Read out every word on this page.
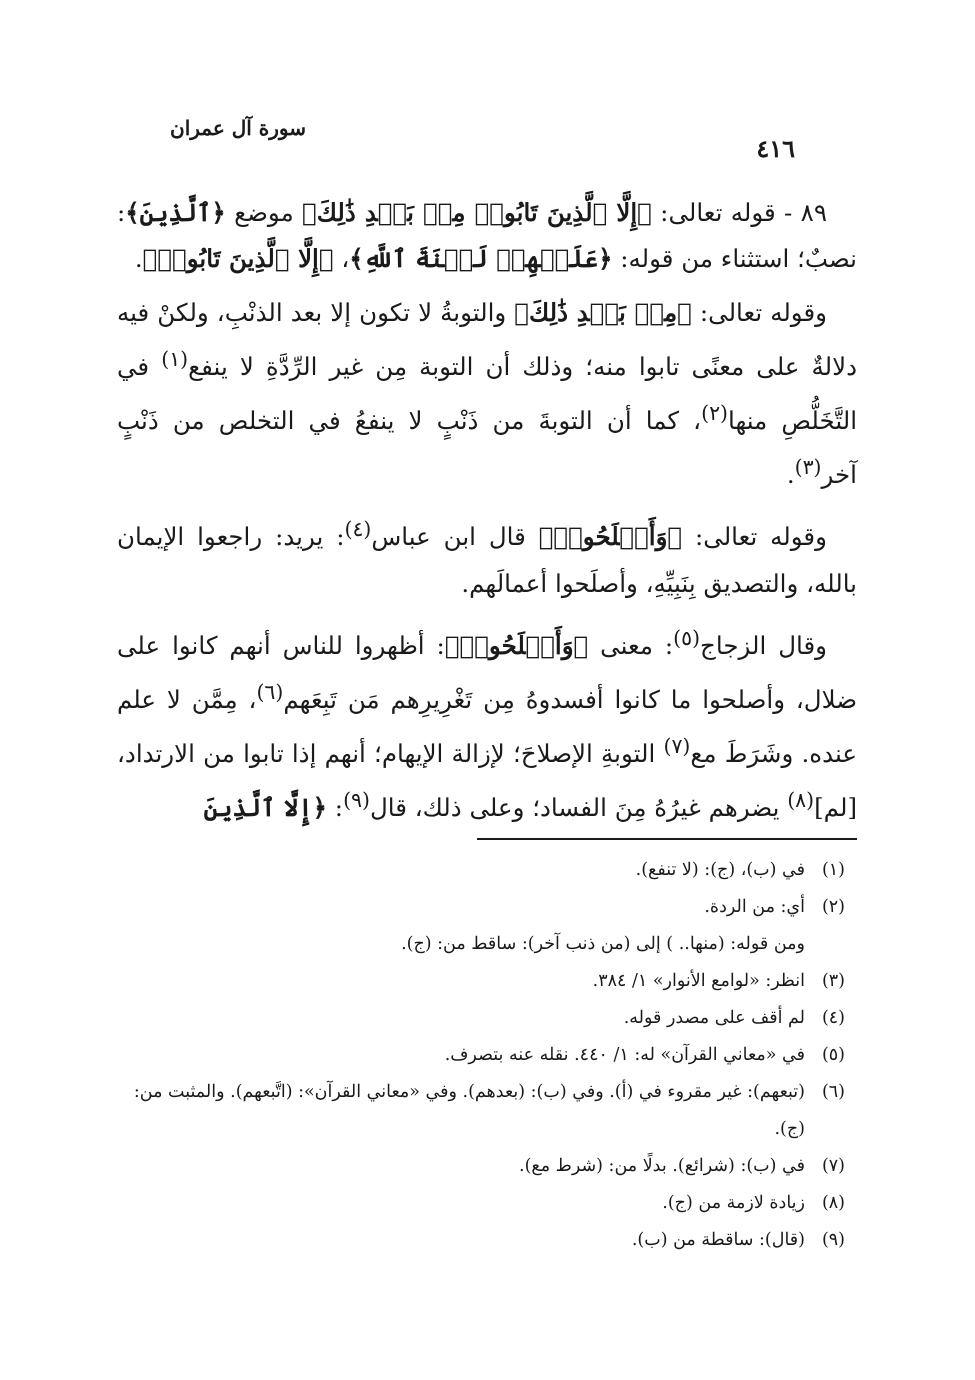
٤١٦
سورة آل عمران

٨٩ - قوله تعالى: ﴿إِلَّا ٱلَّذِينَ تَابُوا۟ مِنۢ بَعۡدِ ذَٰلِكَ﴾ موضع ﴿ٱلَّذِينَ﴾: نصبٌ؛ استثناء من قوله: ﴿عَلَيۡهِمۡ لَعۡنَةَ ٱللَّهِ﴾، ﴿إِلَّا ٱلَّذِينَ تَابُوا۟﴾.

وقوله تعالى: ﴿مِنۢ بَعۡدِ ذَٰلِكَ﴾ والتوبةُ لا تكون إلا بعد الذنْبِ، ولكنْ فيه دلالةٌ على معنًى تابوا منه؛ وذلك أن التوبة مِن غير الرِّدَّةِ لا ينفع$^{(١)}$ في التَّخَلُّصِ منها$^{(٢)}$، كما أن التوبةَ من ذَنْبٍ لا ينفعُ في التخلص من ذَنْبٍ آخر$^{(٣)}$.

وقوله تعالى: ﴿وَأَصۡلَحُوا۟﴾ قال ابن عباس$^{(٤)}$: يريد: راجعوا الإيمان بالله، والتصديق بِنَبِيِّهِ، وأصلَحوا أعمالَهم.

وقال الزجاج$^{(٥)}$: معنى ﴿وَأَصۡلَحُوا۟﴾: أظهروا للناس أنهم كانوا على ضلال، وأصلحوا ما كانوا أفسدوهُ مِن تَغْرِيرِهم مَن تَبِعَهم$^{(٦)}$، مِمَّن لا علم عنده. وشَرَطَ مع$^{(٧)}$ التوبةِ الإصلاحَ؛ لإزالة الإيهام؛ أنهم إذا تابوا من الارتداد، [لم]$^{(٨)}$ يضرهم غيرُهُ مِنَ الفساد؛ وعلى ذلك، قال$^{(٩)}$: ﴿إِلَّا ٱلَّذِينَ

(١)
في (ب)، (ج): (لا تنفع).

(٢)
أي: من الردة.

ومن قوله: (منها.. ) إلى (من ذنب آخر): ساقط من: (ج).

(٣)
انظر: «لوامع الأنوار» ١/ ٣٨٤.

(٤)
لم أقف على مصدر قوله.

(٥)
في «معاني القرآن» له: ١/ ٤٤٠. نقله عنه بتصرف.

(٦)
(تبعهم): غير مقروء في (أ). وفي (ب): (بعدهم). وفي «معاني القرآن»: (اتَّبعهم). والمثبت من: (ج).

(٧)
في (ب): (شرائع). بدلًا من: (شرط مع).

(٨)
زيادة لازمة من (ج).

(٩)
(قال): ساقطة من (ب).
